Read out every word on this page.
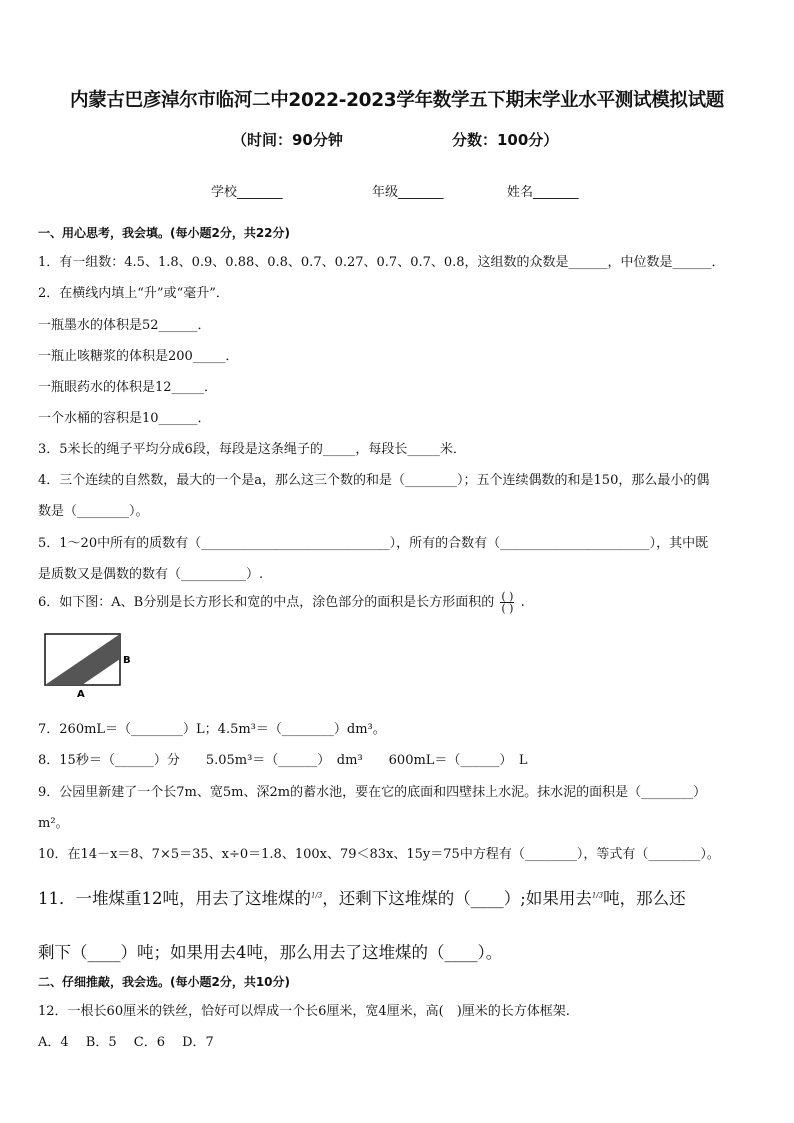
内蒙古巴彦淖尔市临河二中2022-2023学年数学五下期末学业水平测试模拟试题
（时间：90分钟	分数：100分）
学校_______	年级_______	姓名_______
一、用心思考，我会填。(每小题2分，共22分)
1．有一组数：4.5、1.8、0.9、0.88、0.8、0.7、0.27、0.7、0.7、0.8，这组数的众数是______，中位数是______．
2．在横线内填上“升”或“毫升”．
一瓶墨水的体积是52______．
一瓶止咳糖浆的体积是200_____．
一瓶眼药水的体积是12_____．
一个水桶的容积是10______．
3．5米长的绳子平均分成6段，每段是这条绳子的_____，每段长_____米．
4．三个连续的自然数，最大的一个是a，那么这三个数的和是（________）；五个连续偶数的和是150，那么最小的偶
数是（________）。
5．1～20中所有的质数有（_____________________________），所有的合数有（_______________________），其中既
是质数又是偶数的数有（__________）.
6．如下图：A、B分别是长方形长和宽的中点，涂色部分的面积是长方形面积的 $\frac{( )}{( )}$ .
B
A
7．260mL＝（________）L；4.5m³＝（________）dm³。
8．15秒＝（______）分　　5.05m³＝（______）　dm³　　600mL＝（______）　L
9．公园里新建了一个长7m、宽5m、深2m的蓄水池，要在它的底面和四壁抹上水泥。抹水泥的面积是（________）
m²。
10．在14－x＝8、7×5＝35、x÷0＝1.8、100x、79＜83x、15y＝75中方程有（________），等式有（________）。
11．一堆煤重12吨，用去了这堆煤的$^{1/3}$，还剩下这堆煤的（____）;如果用去$^{1/3}$吨，那么还
剩下（____）吨；如果用去4吨，那么用去了这堆煤的（____）。
二、仔细推敲，我会选。(每小题2分，共10分)
12．一根长60厘米的铁丝，恰好可以焊成一个长6厘米，宽4厘米，高(　)厘米的长方体框架.
A．4　 B．5　 C．6　 D．7
